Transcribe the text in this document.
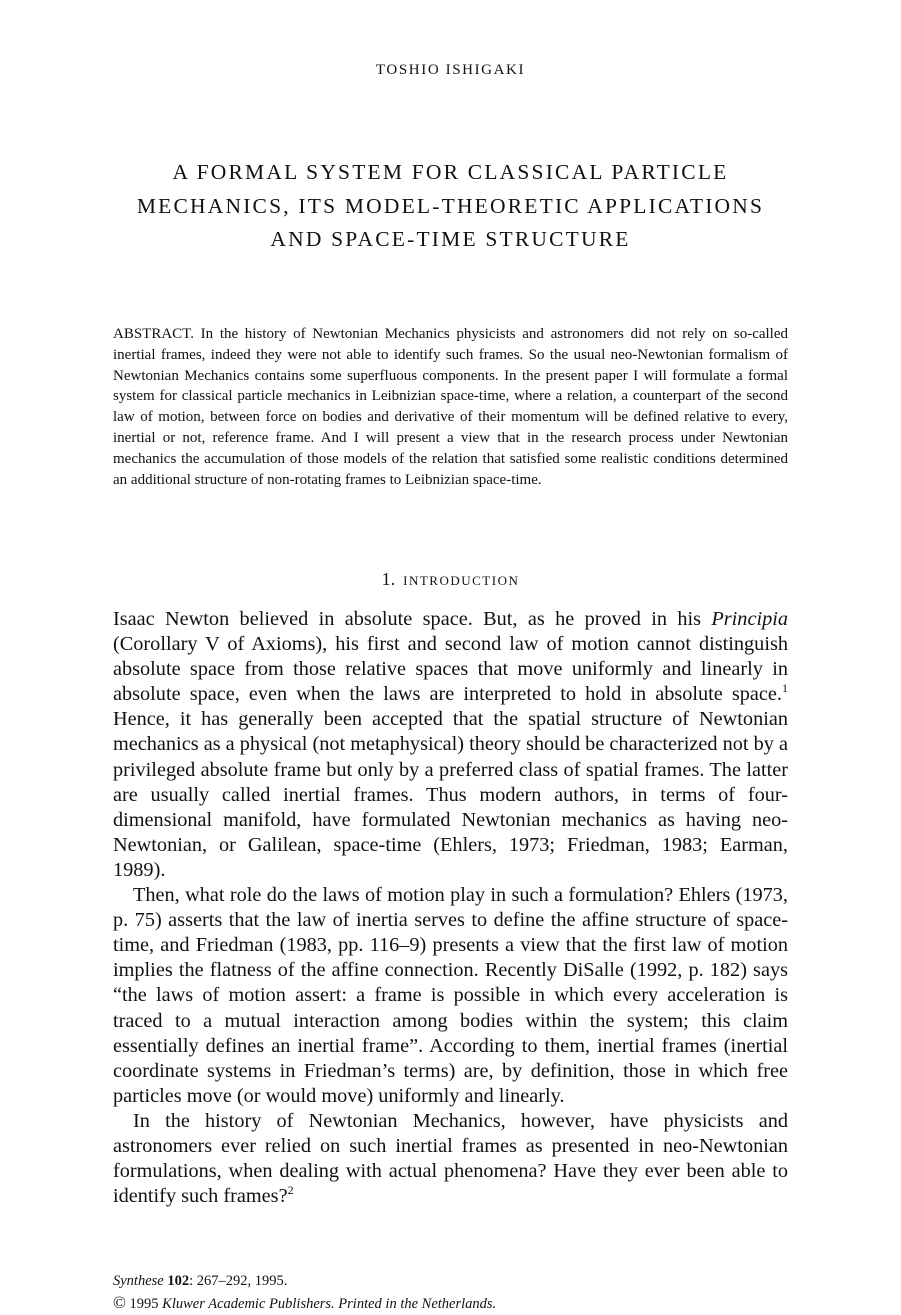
TOSHIO ISHIGAKI
A FORMAL SYSTEM FOR CLASSICAL PARTICLE
MECHANICS, ITS MODEL-THEORETIC APPLICATIONS
AND SPACE-TIME STRUCTURE

ABSTRACT. In the history of Newtonian Mechanics physicists and astronomers did not rely on so-called inertial frames, indeed they were not able to identify such frames. So the usual neo-Newtonian formalism of Newtonian Mechanics contains some superfluous components. In the present paper I will formulate a formal system for classical particle mechanics in Leibnizian space-time, where a relation, a counterpart of the second law of motion, between force on bodies and derivative of their momentum will be defined relative to every, inertial or not, reference frame. And I will present a view that in the research process under Newtonian mechanics the accumulation of those models of the relation that satisfied some realistic conditions determined an additional structure of non-rotating frames to Leibnizian space-time.

1. INTRODUCTION

Isaac Newton believed in absolute space. But, as he proved in his Principia (Corollary V of Axioms), his first and second law of motion cannot distinguish absolute space from those relative spaces that move uniformly and linearly in absolute space, even when the laws are interpreted to hold in absolute space.$^1$ Hence, it has generally been accepted that the spatial structure of Newtonian mechanics as a physical (not metaphysical) theory should be characterized not by a privileged absolute frame but only by a preferred class of spatial frames. The latter are usually called inertial frames. Thus modern authors, in terms of four-dimensional manifold, have formulated Newtonian mechanics as having neo-Newtonian, or Galilean, space-time (Ehlers, 1973; Friedman, 1983; Earman, 1989).

Then, what role do the laws of motion play in such a formulation? Ehlers (1973, p. 75) asserts that the law of inertia serves to define the affine structure of space-time, and Friedman (1983, pp. 116–9) presents a view that the first law of motion implies the flatness of the affine connection. Recently DiSalle (1992, p. 182) says “the laws of motion assert: a frame is possible in which every acceleration is traced to a mutual interaction among bodies within the system; this claim essentially defines an inertial frame”. According to them, inertial frames (inertial coordinate systems in Friedman’s terms) are, by definition, those in which free particles move (or would move) uniformly and linearly.

In the history of Newtonian Mechanics, however, have physicists and astronomers ever relied on such inertial frames as presented in neo-Newtonian formulations, when dealing with actual phenomena? Have they ever been able to identify such frames?$^2$

Synthese 102: 267–292, 1995.
© 1995 Kluwer Academic Publishers. Printed in the Netherlands.
